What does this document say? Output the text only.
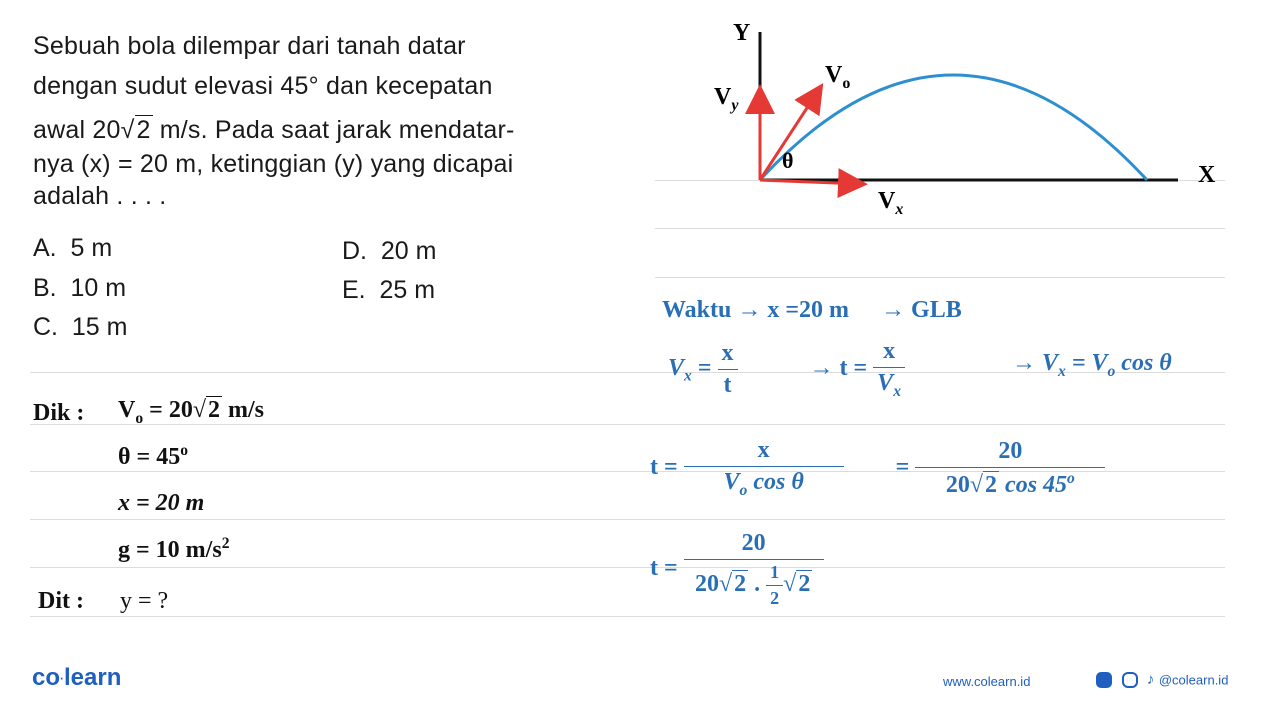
Sebuah bola dilempar dari tanah datar
dengan sudut elevasi 45° dan kecepatan
awal 20√2 m/s. Pada saat jarak mendatar-
nya (x) = 20 m, ketinggian (y) yang dicapai
adalah . . . .
A. 5 m
B. 10 m
C. 15 m
D. 20 m
E. 25 m
Y
X
θ
$V_o$
$V_y$
$V_x$
Dik : $V_o = 20√2$ m/s
$\theta = 45^o$
x = 20 m
g = 10 $m/s^2$
Dit : y = ?
Waktu → x =20 m → GLB
$V_x = \frac{x}{t}$	→ $t = \frac{x}{V_x}$	→ $V_x = V_o$ cos θ
$t = \frac{x}{V_o \cos \theta} = \frac{20}{20√2 \cos 45^o}$
$t = \frac{20}{20√2 . \frac{1}{2} √2}$
co·learn	www.colearn.id	♪ @colearn.id
